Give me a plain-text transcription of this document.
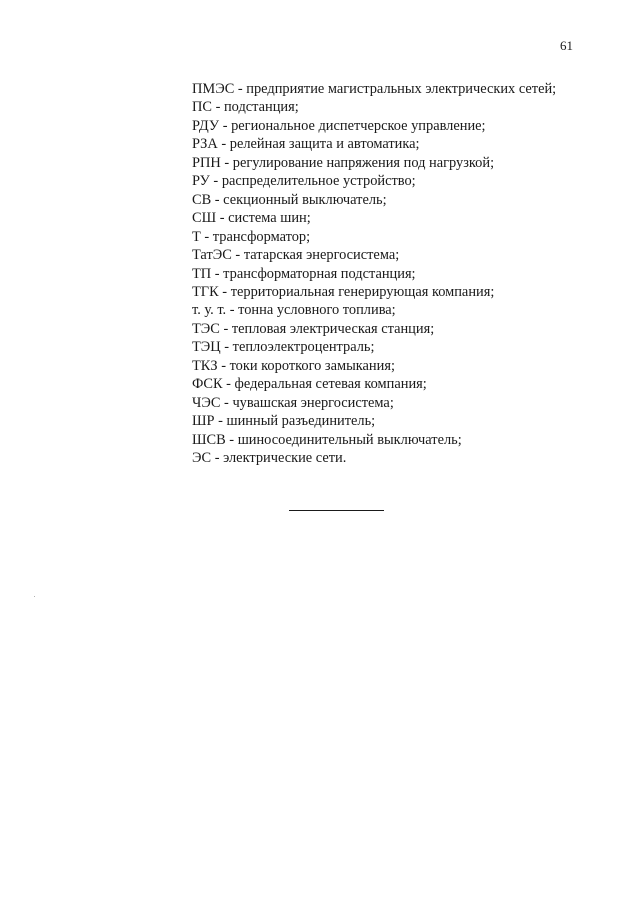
61
ПМЭС - предприятие магистральных электрических сетей;
ПС - подстанция;
РДУ - региональное диспетчерское управление;
РЗА - релейная защита и автоматика;
РПН - регулирование напряжения под нагрузкой;
РУ - распределительное устройство;
СВ - секционный выключатель;
СШ - система шин;
Т - трансформатор;
ТатЭС - татарская энергосистема;
ТП - трансформаторная подстанция;
ТГК - территориальная генерирующая компания;
т. у. т. - тонна условного топлива;
ТЭС - тепловая электрическая станция;
ТЭЦ - теплоэлектроцентраль;
ТКЗ - токи короткого замыкания;
ФСК - федеральная сетевая компания;
ЧЭС - чувашская энергосистема;
ШР - шинный разъединитель;
ШСВ - шиносоединительный выключатель;
ЭС - электрические сети.
